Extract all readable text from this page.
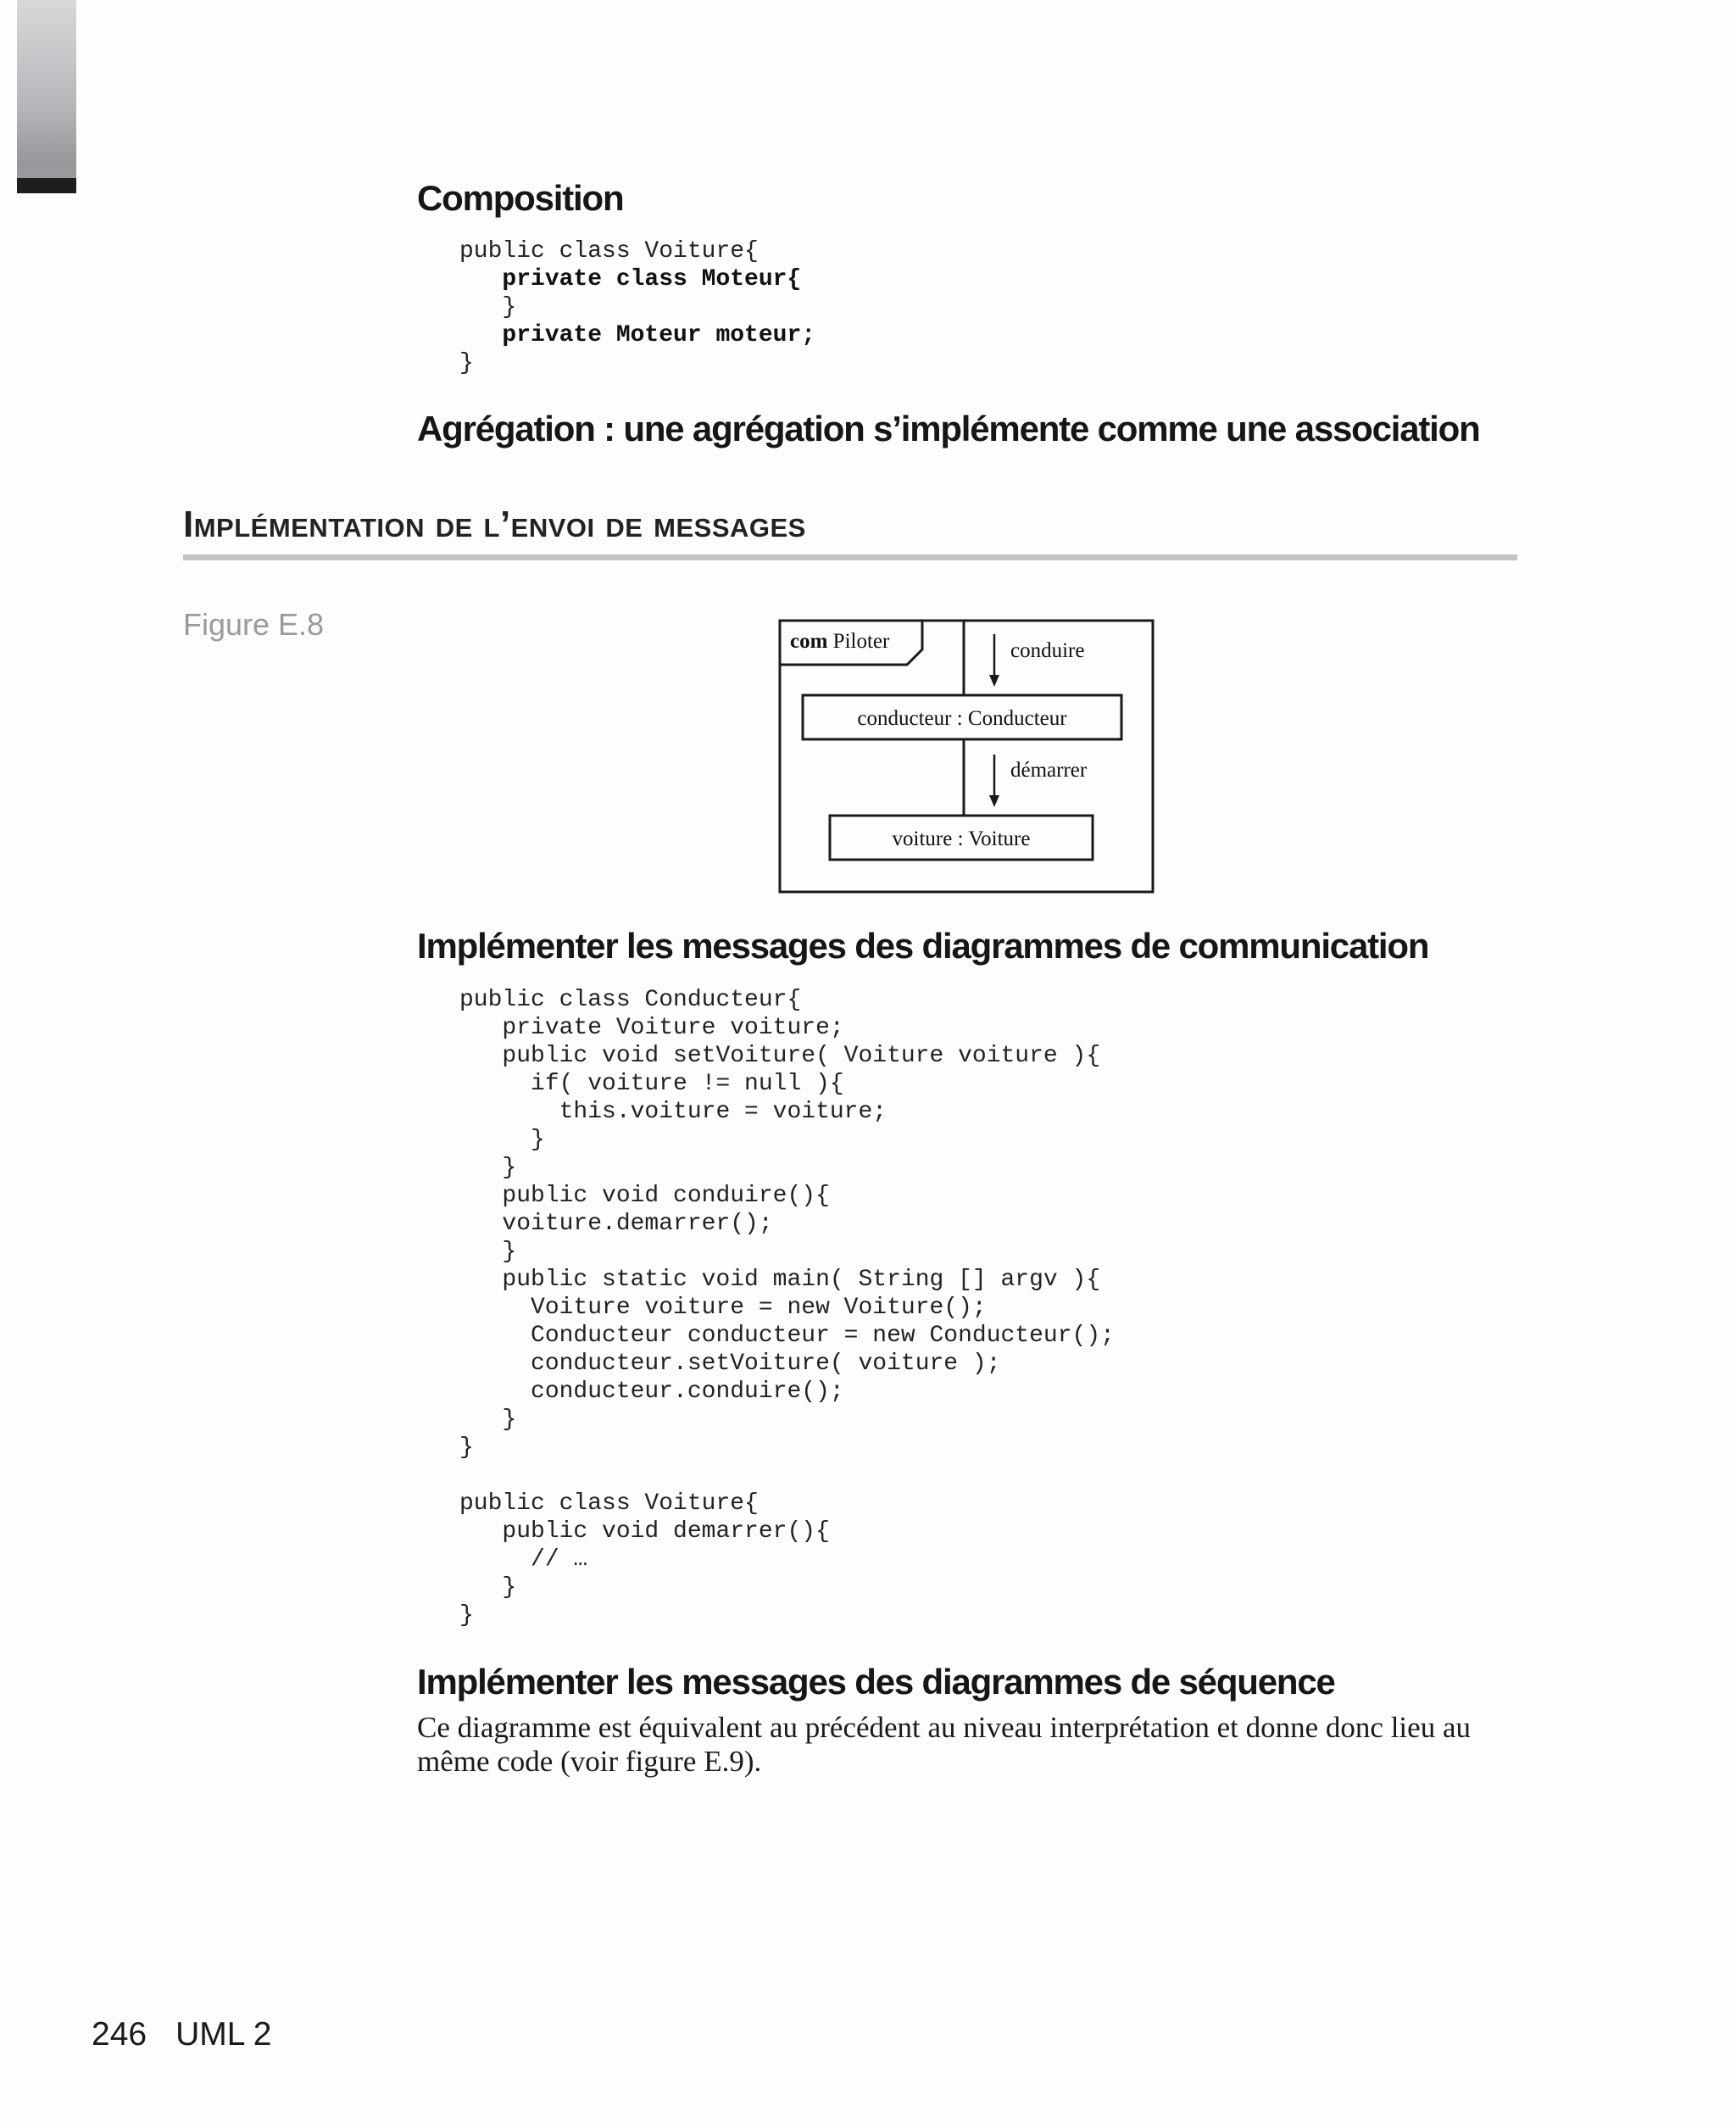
Composition
public class Voiture{
private class Moteur{
}
private Moteur moteur;
}
Agrégation : une agrégation s’implémente comme une association
Implémentation de l’envoi de messages
Figure E.8	com Piloter	conduire
conducteur : Conducteur
démarrer
voiture : Voiture
Implémenter les messages des diagrammes de communication
public class Conducteur{
private Voiture voiture;
public void setVoiture( Voiture voiture ){
if( voiture != null ){
this.voiture = voiture;
}
}
public void conduire(){
voiture.demarrer();
}
public static void main( String [] argv ){
Voiture voiture = new Voiture();
Conducteur conducteur = new Conducteur();
conducteur.setVoiture( voiture );
conducteur.conduire();
}
}

public class Voiture{
public void demarrer(){
// …
}
}
Implémenter les messages des diagrammes de séquence

Ce diagramme est équivalent au précédent au niveau interprétation et donne donc lieu au même code (voir figure E.9).

246 UML 2
